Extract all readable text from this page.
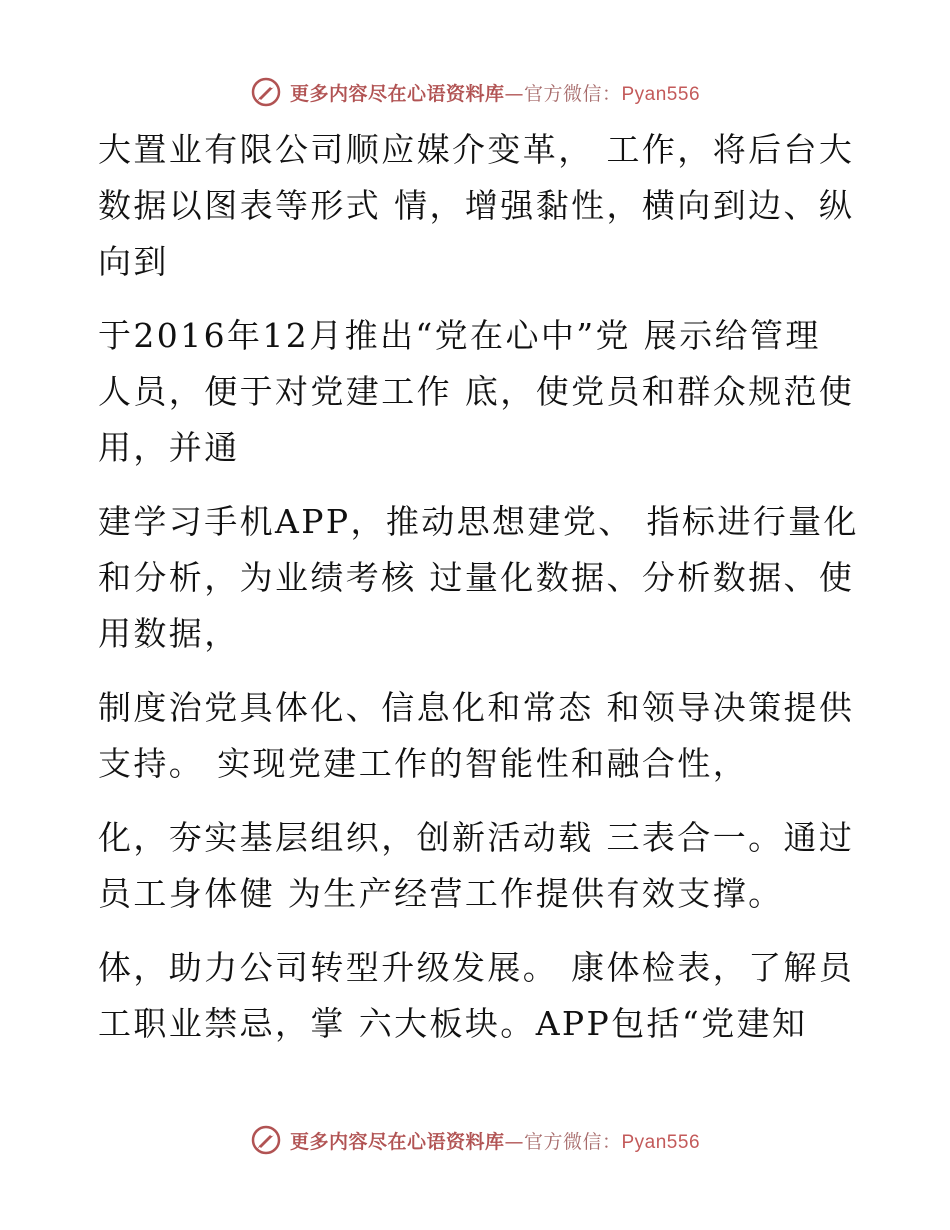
更多内容尽在心语资料库—官方微信：Pyan556

大置业有限公司顺应媒介变革， 工作，将后台大
数据以图表等形式 情，增强黏性，横向到边、纵
向到

于2016年12月推出“党在心中”党 展示给管理
人员，便于对党建工作 底，使党员和群众规范使
用，并通

建学习手机APP，推动思想建党、 指标进行量化
和分析，为业绩考核 过量化数据、分析数据、使
用数据，

制度治党具体化、信息化和常态 和领导决策提供
支持。 实现党建工作的智能性和融合性，

化，夯实基层组织，创新活动载 三表合一。通过
员工身体健 为生产经营工作提供有效支撑。

体，助力公司转型升级发展。 康体检表，了解员
工职业禁忌，掌 六大板块。APP包括“党建知

更多内容尽在心语资料库—官方微信：Pyan556
